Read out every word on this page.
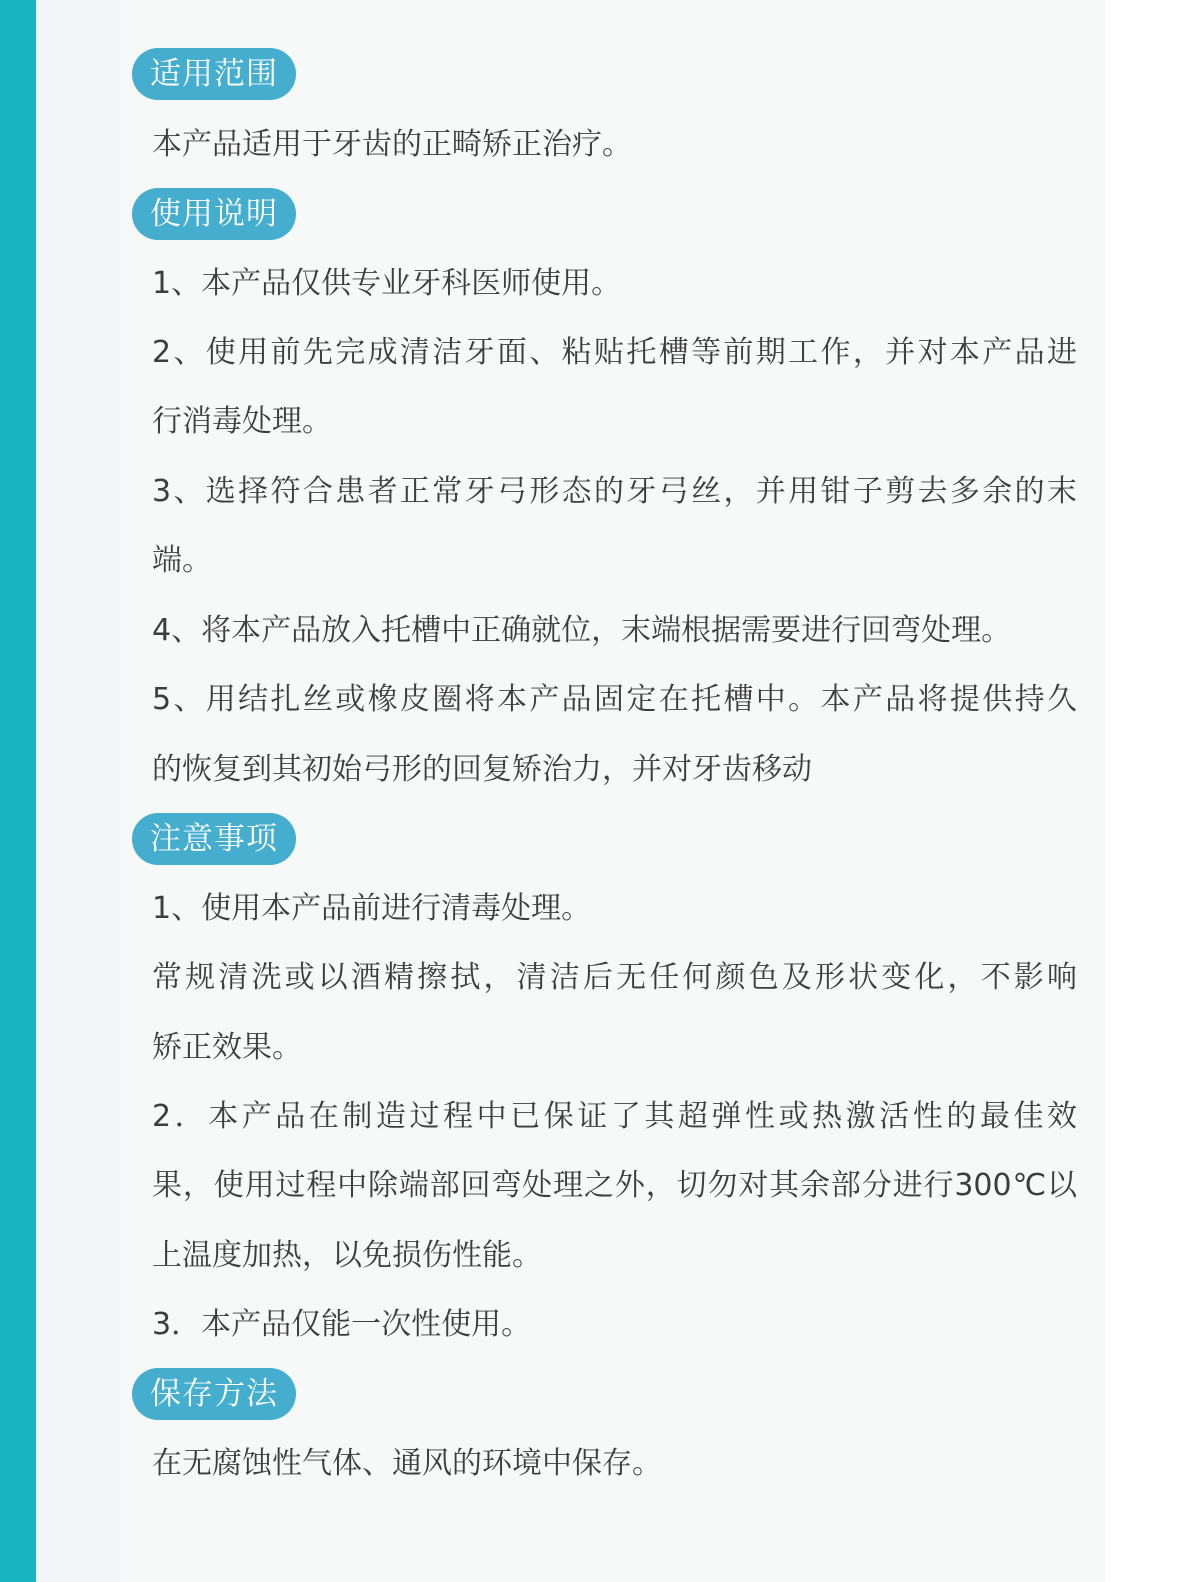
适用范围
本产品适用于牙齿的正畸矫正治疗。
使用说明
1、本产品仅供专业牙科医师使用。
2、使用前先完成清洁牙面、粘贴托槽等前期工作，并对本产品进
行消毒处理。
3、选择符合患者正常牙弓形态的牙弓丝，并用钳子剪去多余的末
端。
4、将本产品放入托槽中正确就位，末端根据需要进行回弯处理。
5、用结扎丝或橡皮圈将本产品固定在托槽中。本产品将提供持久
的恢复到其初始弓形的回复矫治力，并对牙齿移动
注意事项
1、使用本产品前进行清毒处理。
常规清洗或以酒精擦拭，清洁后无任何颜色及形状变化，不影响
矫正效果。
2．本产品在制造过程中已保证了其超弹性或热激活性的最佳效
果，使用过程中除端部回弯处理之外，切勿对其余部分进行300℃以
上温度加热，以免损伤性能。
3．本产品仅能一次性使用。
保存方法
在无腐蚀性气体、通风的环境中保存。
